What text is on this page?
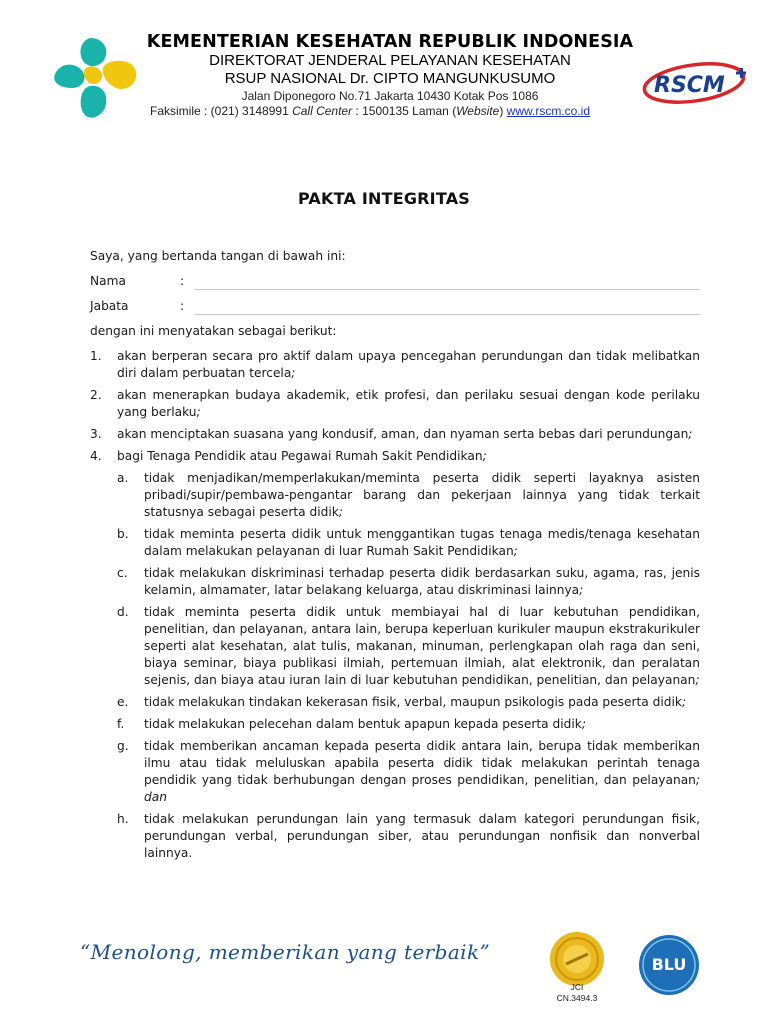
KEMENTERIAN KESEHATAN REPUBLIK INDONESIA
DIREKTORAT JENDERAL PELAYANAN KESEHATAN
RSUP NASIONAL Dr. CIPTO MANGUNKUSUMO
Jalan Diponegoro No.71 Jakarta 10430 Kotak Pos 1086
Faksimile : (021) 3148991 Call Center : 1500135 Laman (Website) www.rscm.co.id
RSCM
PAKTA INTEGRITAS
Saya, yang bertanda tangan di bawah ini:
Nama	:
Jabata	:
dengan ini menyatakan sebagai berikut:
1.	akan berperan secara pro aktif dalam upaya pencegahan perundungan dan tidak melibatkan diri dalam perbuatan tercela;
2.	akan menerapkan budaya akademik, etik profesi, dan perilaku sesuai dengan kode perilaku yang berlaku;
3.	akan menciptakan suasana yang kondusif, aman, dan nyaman serta bebas dari perundungan;
4.	bagi Tenaga Pendidik atau Pegawai Rumah Sakit Pendidikan;
a.	tidak menjadikan/memperlakukan/meminta peserta didik seperti layaknya asisten pribadi/supir/pembawa-pengantar barang dan pekerjaan lainnya yang tidak terkait statusnya sebagai peserta didik;
b.	tidak meminta peserta didik untuk menggantikan tugas tenaga medis/tenaga kesehatan dalam melakukan pelayanan di luar Rumah Sakit Pendidikan;
c.	tidak melakukan diskriminasi terhadap peserta didik berdasarkan suku, agama, ras, jenis kelamin, almamater, latar belakang keluarga, atau diskriminasi lainnya;
d.	tidak meminta peserta didik untuk membiayai hal di luar kebutuhan pendidikan, penelitian, dan pelayanan, antara lain, berupa keperluan kurikuler maupun ekstrakurikuler seperti alat kesehatan, alat tulis, makanan, minuman, perlengkapan olah raga dan seni, biaya seminar, biaya publikasi ilmiah, pertemuan ilmiah, alat elektronik, dan peralatan sejenis, dan biaya atau iuran lain di luar kebutuhan pendidikan, penelitian, dan pelayanan;
e.	tidak melakukan tindakan kekerasan fisik, verbal, maupun psikologis pada peserta didik;
f.	tidak melakukan pelecehan dalam bentuk apapun kepada peserta didik;
g.	tidak memberikan ancaman kepada peserta didik antara lain, berupa tidak memberikan ilmu atau tidak meluluskan apabila peserta didik tidak melakukan perintah tenaga pendidik yang tidak berhubungan dengan proses pendidikan, penelitian, dan pelayanan; dan
h.	tidak melakukan perundungan lain yang termasuk dalam kategori perundungan fisik, perundungan verbal, perundungan siber, atau perundungan nonfisik dan nonverbal lainnya.
“Menolong, memberikan yang terbaik”
JCI
CN.3494.3
BLU
